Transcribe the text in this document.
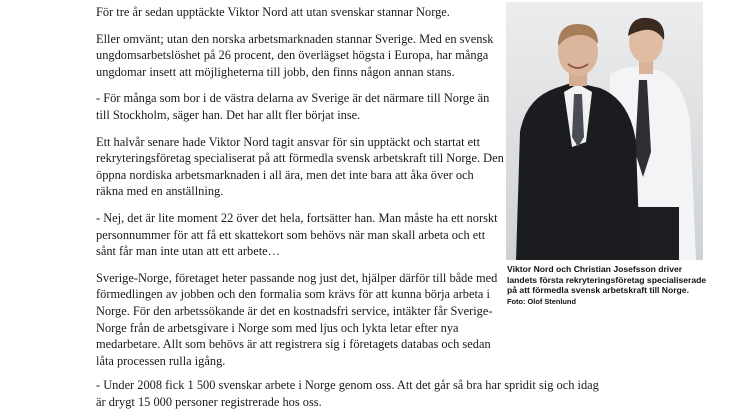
För tre år sedan upptäckte Viktor Nord att utan svenskar stannar Norge.

Eller omvänt; utan den norska arbetsmarknaden stannar Sverige. Med en svensk ungdomsarbetslöshet på 26 procent, den överlägset högsta i Europa, har många ungdomar insett att möjligheterna till jobb, den finns någon annan stans.

- För många som bor i de västra delarna av Sverige är det närmare till Norge än till Stockholm, säger han. Det har allt fler börjat inse.

Ett halvår senare hade Viktor Nord tagit ansvar för sin upptäckt och startat ett rekryteringsföretag specialiserat på att förmedla svensk arbetskraft till Norge. Den öppna nordiska arbetsmarknaden i all ära, men det inte bara att åka över och räkna med en anställning.

- Nej, det är lite moment 22 över det hela, fortsätter han. Man måste ha ett norskt personnummer för att få ett skattekort som behövs när man skall arbeta och ett sånt får man inte utan att ett arbete…

Sverige-Norge, företaget heter passande nog just det, hjälper därför till både med förmedlingen av jobben och den formalia som krävs för att kunna börja arbeta i Norge. För den arbetssökande är det en kostnadsfri service, intäkter får Sverige-Norge från de arbetsgivare i Norge som med ljus och lykta letar efter nya medarbetare. Allt som behövs är att registrera sig i företagets databas och sedan låta processen rulla igång.

- Under 2008 fick 1 500 svenskar arbete i Norge genom oss. Att det går så bra har spridit sig och idag är drygt 15 000 personer registrerade hos oss.

Viktor Nord och Christian Josefsson driver landets första rekryteringsföretag specialiserade på att förmedla svensk arbetskraft till Norge.
Foto: Olof Stenlund
